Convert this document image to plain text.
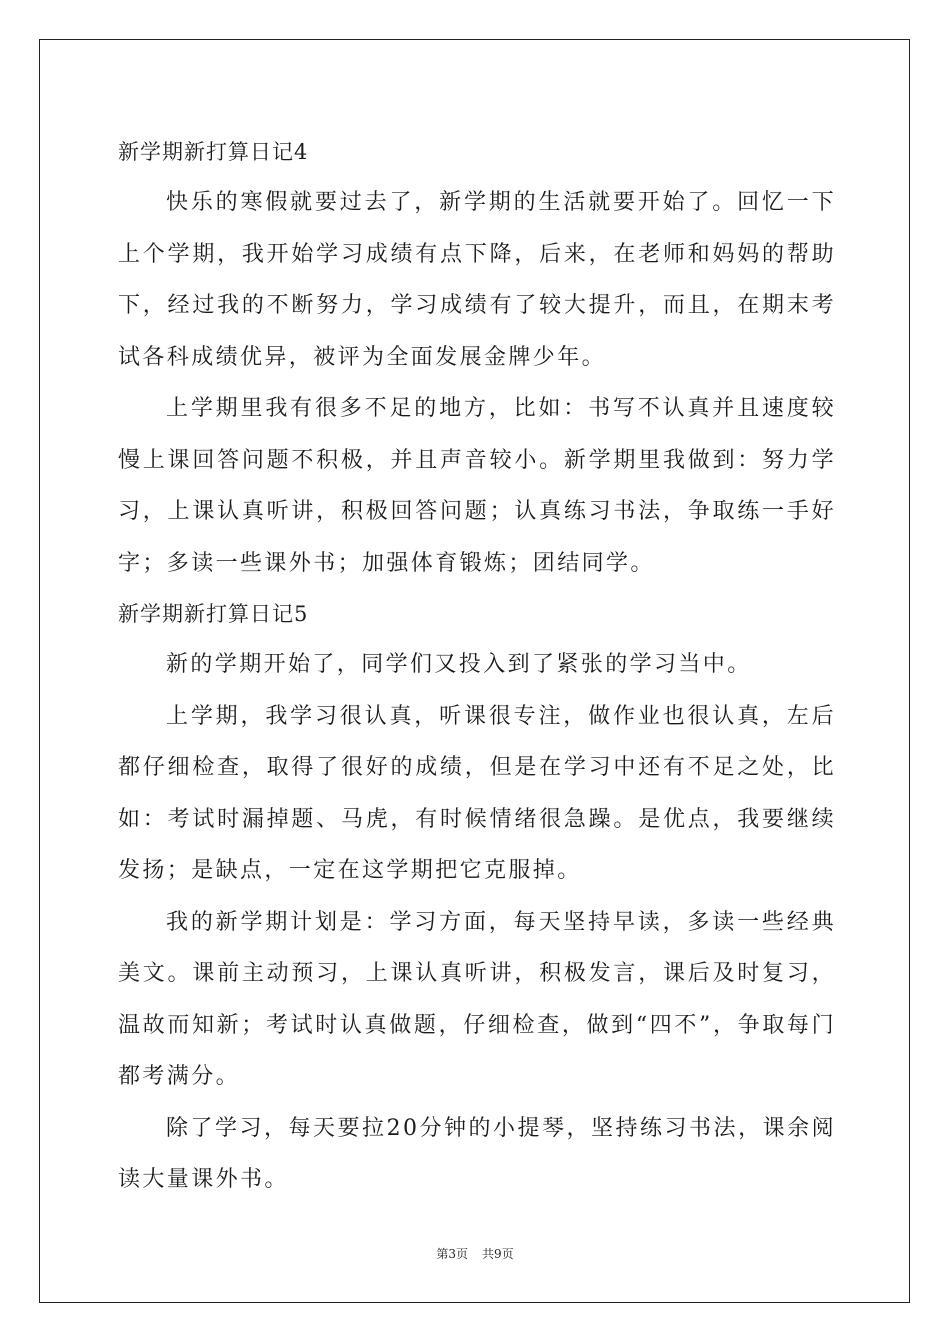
新学期新打算日记4

快乐的寒假就要过去了，新学期的生活就要开始了。回忆一下上个学期，我开始学习成绩有点下降，后来，在老师和妈妈的帮助下，经过我的不断努力，学习成绩有了较大提升，而且，在期末考试各科成绩优异，被评为全面发展金牌少年。

上学期里我有很多不足的地方，比如：书写不认真并且速度较慢上课回答问题不积极，并且声音较小。新学期里我做到：努力学习，上课认真听讲，积极回答问题；认真练习书法，争取练一手好字；多读一些课外书；加强体育锻炼；团结同学。

新学期新打算日记5

新的学期开始了，同学们又投入到了紧张的学习当中。

上学期，我学习很认真，听课很专注，做作业也很认真，左后都仔细检查，取得了很好的成绩，但是在学习中还有不足之处，比如：考试时漏掉题、马虎，有时候情绪很急躁。是优点，我要继续发扬；是缺点，一定在这学期把它克服掉。

我的新学期计划是：学习方面，每天坚持早读，多读一些经典美文。课前主动预习，上课认真听讲，积极发言，课后及时复习，温故而知新；考试时认真做题，仔细检查，做到“四不”，争取每门都考满分。

除了学习，每天要拉20分钟的小提琴，坚持练习书法，课余阅读大量课外书。

第3页 共9页
